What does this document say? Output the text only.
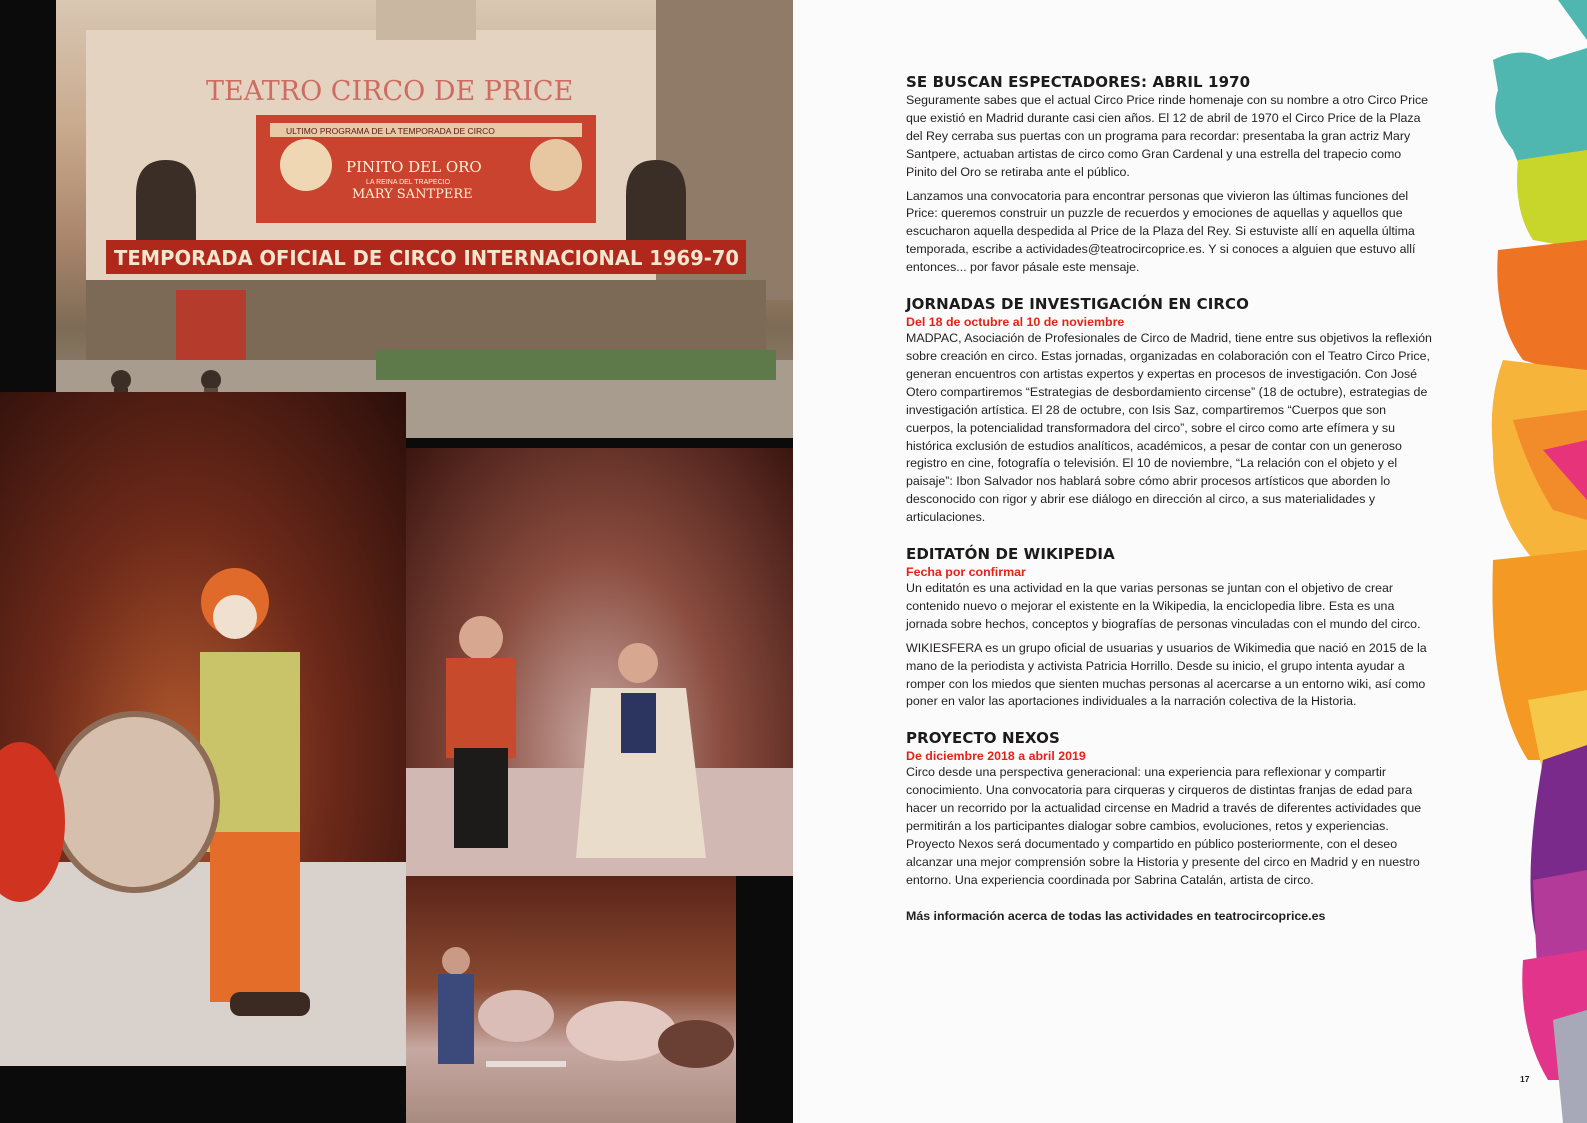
TEATRO CIRCO DE PRICE
ULTIMO PROGRAMA DE LA TEMPORADA DE CIRCO
PINITO DEL ORO
LA REINA DEL TRAPECIO
MARY SANTPERE
TEMPORADA OFICIAL DE CIRCO INTERNACIONAL 1969-70
SE BUSCAN ESPECTADORES: ABRIL 1970

Seguramente sabes que el actual Circo Price rinde homenaje con su nombre a otro Circo Price que existió en Madrid durante casi cien años. El 12 de abril de 1970 el Circo Price de la Plaza del Rey cerraba sus puertas con un programa para recordar: presentaba la gran actriz Mary Santpere, actuaban artistas de circo como Gran Cardenal y una estrella del trapecio como Pinito del Oro se retiraba ante el público.

Lanzamos una convocatoria para encontrar personas que vivieron las últimas funciones del Price: queremos construir un puzzle de recuerdos y emociones de aquellas y aquellos que escucharon aquella despedida al Price de la Plaza del Rey. Si estuviste allí en aquella última temporada, escribe a actividades@teatrocircoprice.es. Y si conoces a alguien que estuvo allí entonces... por favor pásale este mensaje.

JORNADAS DE INVESTIGACIÓN EN CIRCO
Del 18 de octubre al 10 de noviembre

MADPAC, Asociación de Profesionales de Circo de Madrid, tiene entre sus objetivos la reflexión sobre creación en circo. Estas jornadas, organizadas en colaboración con el Teatro Circo Price, generan encuentros con artistas expertos y expertas en procesos de investigación. Con José Otero compartiremos “Estrategias de desbordamiento circense” (18 de octubre), estrategias de investigación artística. El 28 de octubre, con Isis Saz, compartiremos “Cuerpos que son cuerpos, la potencialidad transformadora del circo”, sobre el circo como arte efímera y su histórica exclusión de estudios analíticos, académicos, a pesar de contar con un generoso registro en cine, fotografía o televisión. El 10 de noviembre, “La relación con el objeto y el paisaje”: Ibon Salvador nos hablará sobre cómo abrir procesos artísticos que aborden lo desconocido con rigor y abrir ese diálogo en dirección al circo, a sus materialidades y articulaciones.

EDITATÓN DE WIKIPEDIA
Fecha por confirmar

Un editatón es una actividad en la que varias personas se juntan con el objetivo de crear contenido nuevo o mejorar el existente en la Wikipedia, la enciclopedia libre. Esta es una jornada sobre hechos, conceptos y biografías de personas vinculadas con el mundo del circo.

WIKIESFERA es un grupo oficial de usuarias y usuarios de Wikimedia que nació en 2015 de la mano de la periodista y activista Patricia Horrillo. Desde su inicio, el grupo intenta ayudar a romper con los miedos que sienten muchas personas al acercarse a un entorno wiki, así como poner en valor las aportaciones individuales a la narración colectiva de la Historia.

PROYECTO NEXOS
De diciembre 2018 a abril 2019

Circo desde una perspectiva generacional: una experiencia para reflexionar y compartir conocimiento. Una convocatoria para cirqueras y cirqueros de distintas franjas de edad para hacer un recorrido por la actualidad circense en Madrid a través de diferentes actividades que permitirán a los participantes dialogar sobre cambios, evoluciones, retos y experiencias. Proyecto Nexos será documentado y compartido en público posteriormente, con el deseo alcanzar una mejor comprensión sobre la Historia y presente del circo en Madrid y en nuestro entorno. Una experiencia coordinada por Sabrina Catalán, artista de circo.

Más información acerca de todas las actividades en teatrocircoprice.es

17
